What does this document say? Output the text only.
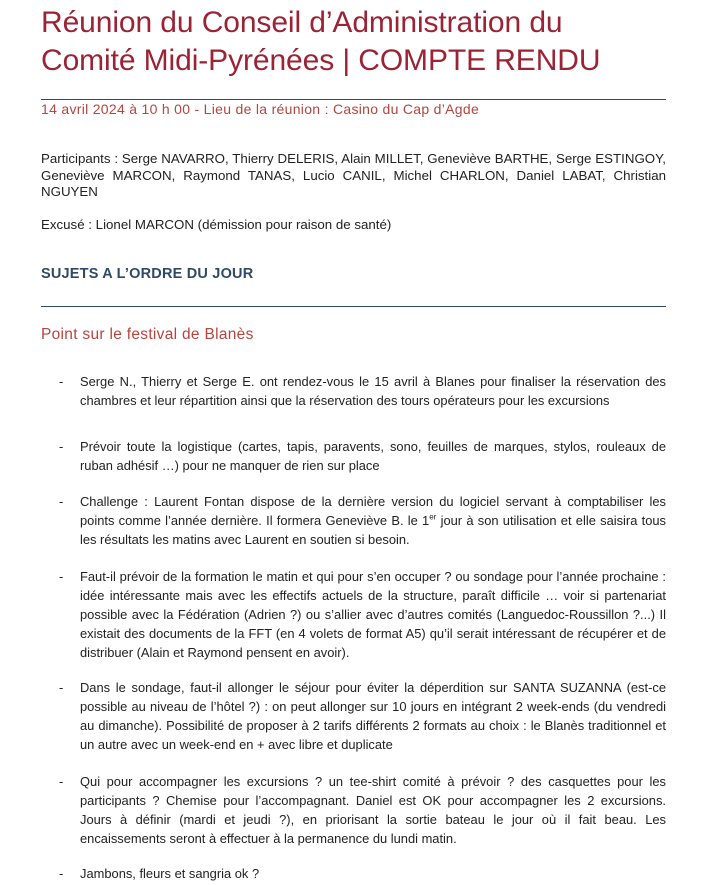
Réunion du Conseil d’Administration du
Comité Midi-Pyrénées | COMPTE RENDU
14 avril 2024 à 10 h 00 - Lieu de la réunion : Casino du Cap d’Agde
Participants : Serge NAVARRO, Thierry DELERIS, Alain MILLET, Geneviève BARTHE, Serge ESTINGOY, Geneviève MARCON, Raymond TANAS, Lucio CANIL, Michel CHARLON, Daniel LABAT, Christian NGUYEN
Excusé : Lionel MARCON (démission pour raison de santé)
SUJETS A L’ORDRE DU JOUR
Point sur le festival de Blanès
- Serge N., Thierry et Serge E. ont rendez-vous le 15 avril à Blanes pour finaliser la réservation des chambres et leur répartition ainsi que la réservation des tours opérateurs pour les excursions
- Prévoir toute la logistique (cartes, tapis, paravents, sono, feuilles de marques, stylos, rouleaux de ruban adhésif …) pour ne manquer de rien sur place
- Challenge : Laurent Fontan dispose de la dernière version du logiciel servant à comptabiliser les points comme l’année dernière. Il formera Geneviève B. le 1er jour à son utilisation et elle saisira tous les résultats les matins avec Laurent en soutien si besoin.
- Faut-il prévoir de la formation le matin et qui pour s’en occuper ? ou sondage pour l’année prochaine : idée intéressante mais avec les effectifs actuels de la structure, paraît difficile … voir si partenariat possible avec la Fédération (Adrien ?) ou s’allier avec d’autres comités (Languedoc-Roussillon ?...) Il existait des documents de la FFT (en 4 volets de format A5) qu’il serait intéressant de récupérer et de distribuer (Alain et Raymond pensent en avoir).
- Dans le sondage, faut-il allonger le séjour pour éviter la déperdition sur SANTA SUZANNA (est-ce possible au niveau de l’hôtel ?) : on peut allonger sur 10 jours en intégrant 2 week-ends (du vendredi au dimanche). Possibilité de proposer à 2 tarifs différents 2 formats au choix : le Blanès traditionnel et un autre avec un week-end en + avec libre et duplicate
- Qui pour accompagner les excursions ? un tee-shirt comité à prévoir ? des casquettes pour les participants ? Chemise pour l’accompagnant. Daniel est OK pour accompagner les 2 excursions. Jours à définir (mardi et jeudi ?), en priorisant la sortie bateau le jour où il fait beau. Les encaissements seront à effectuer à la permanence du lundi matin.
- Jambons, fleurs et sangria ok ?
